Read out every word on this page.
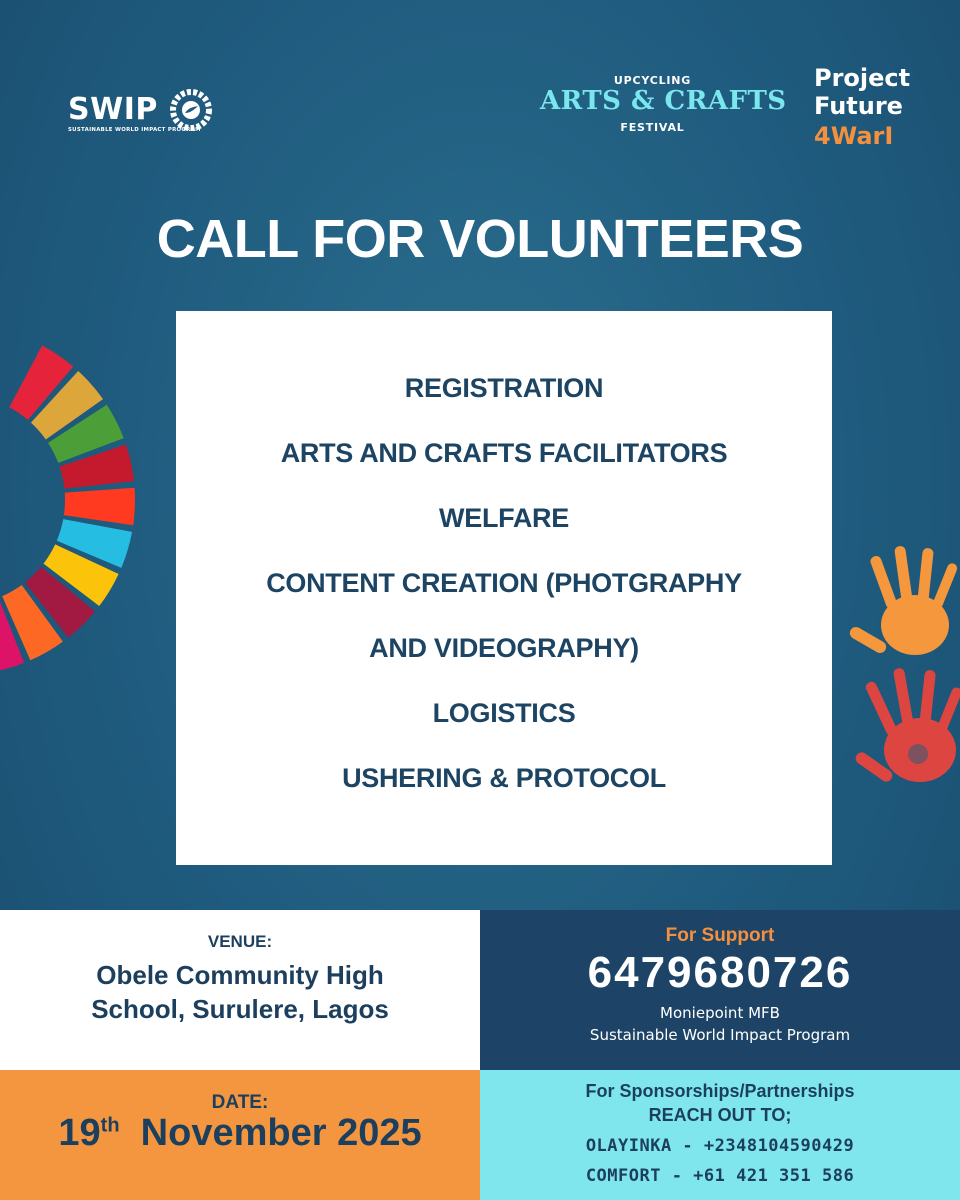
SWIP
SUSTAINABLE WORLD IMPACT PROGRAM
UPCYCLING
ARTS & CRAFTS
FESTIVAL
Project
Future
4WarI
CALL FOR VOLUNTEERS
REGISTRATION
ARTS AND CRAFTS FACILITATORS
WELFARE
CONTENT CREATION (PHOTGRAPHY
AND VIDEOGRAPHY)
LOGISTICS
USHERING & PROTOCOL
VENUE:
Obele Community High
School, Surulere, Lagos
For Support
6479680726
Moniepoint MFB
Sustainable World Impact Program
DATE:
19th November 2025
For Sponsorships/Partnerships
REACH OUT TO;
OLAYINKA - +2348104590429
COMFORT - +61 421 351 586
